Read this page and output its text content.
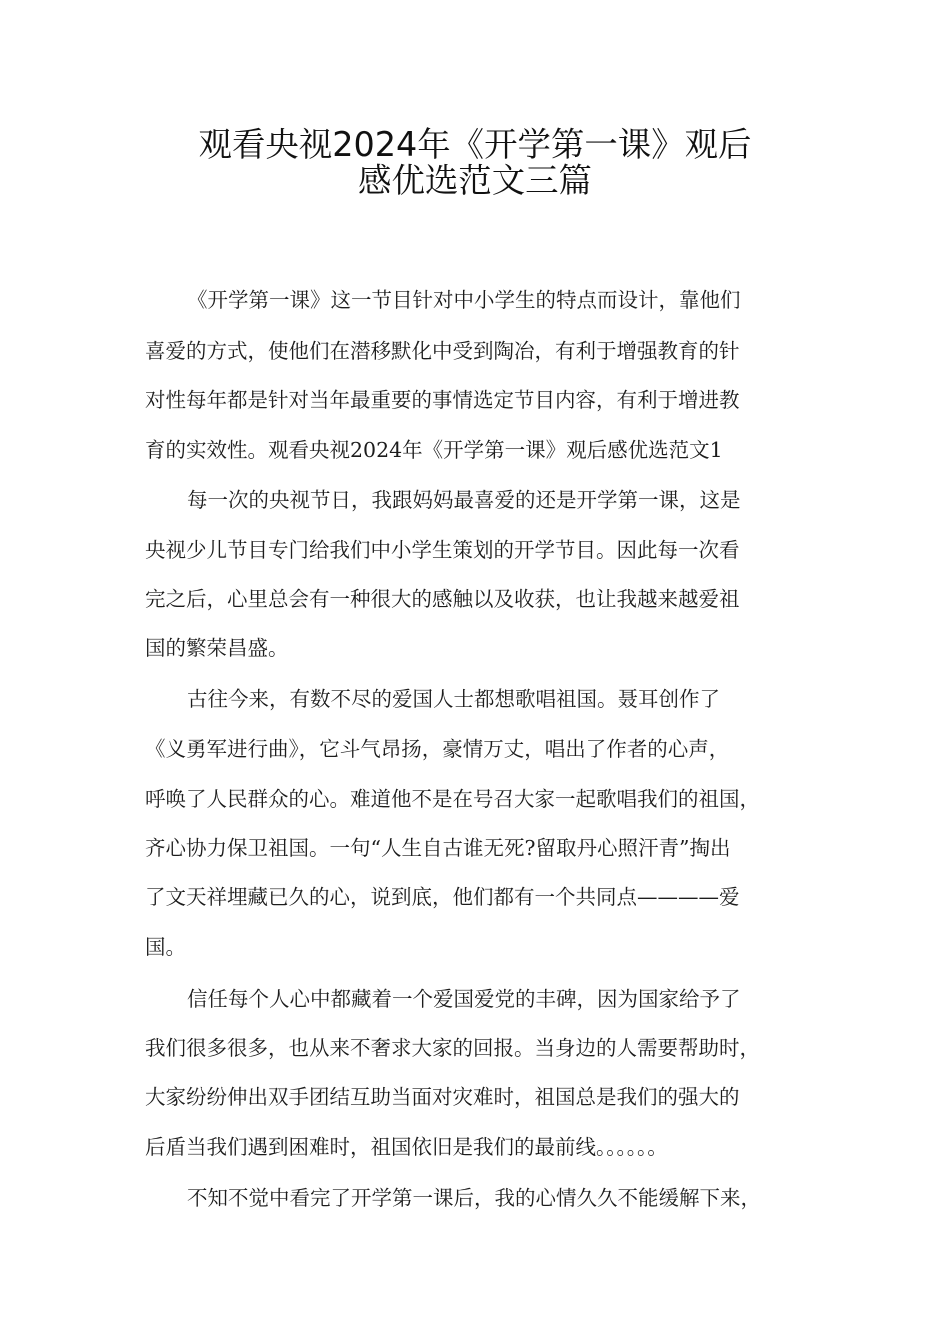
观看央视2024年《开学第一课》观后
感优选范文三篇
《开学第一课》这一节目针对中小学生的特点而设计，靠他们
喜爱的方式，使他们在潜移默化中受到陶冶，有利于增强教育的针
对性每年都是针对当年最重要的事情选定节目内容，有利于增进教
育的实效性。观看央视2024年《开学第一课》观后感优选范文1
每一次的央视节日，我跟妈妈最喜爱的还是开学第一课，这是
央视少儿节目专门给我们中小学生策划的开学节目。因此每一次看
完之后，心里总会有一种很大的感触以及收获，也让我越来越爱祖
国的繁荣昌盛。
古往今来，有数不尽的爱国人士都想歌唱祖国。聂耳创作了
《义勇军进行曲》，它斗气昂扬，豪情万丈，唱出了作者的心声，
呼唤了人民群众的心。难道他不是在号召大家一起歌唱我们的祖国，
齐心协力保卫祖国。一句“人生自古谁无死?留取丹心照汗青”掏出
了文天祥埋藏已久的心，说到底，他们都有一个共同点————爱
国。
信任每个人心中都藏着一个爱国爱党的丰碑，因为国家给予了
我们很多很多，也从来不奢求大家的回报。当身边的人需要帮助时，
大家纷纷伸出双手团结互助当面对灾难时，祖国总是我们的强大的
后盾当我们遇到困难时，祖国依旧是我们的最前线。。。。。。
不知不觉中看完了开学第一课后，我的心情久久不能缓解下来，
